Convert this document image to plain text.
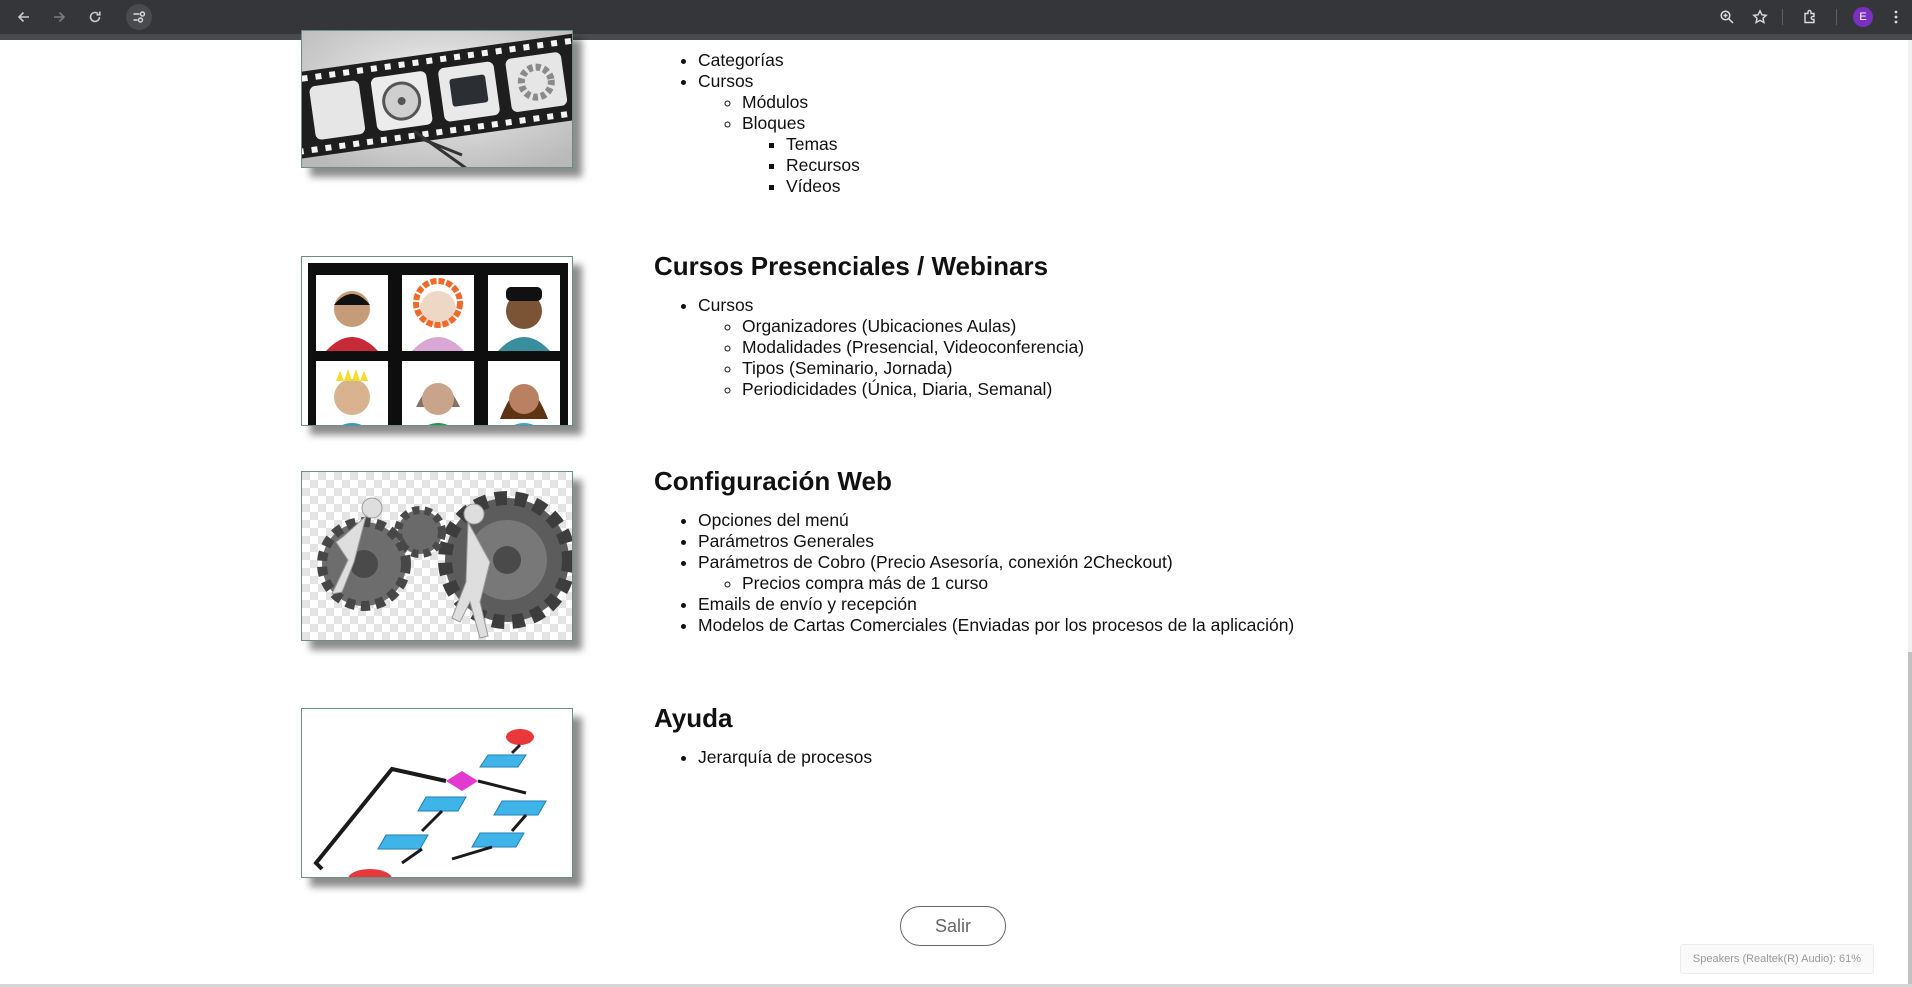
E
• Categorías
• Cursos
◦ Módulos
◦ Bloques
▪ Temas
▪ Recursos
▪ Vídeos
Cursos Presenciales / Webinars
• Cursos
◦ Organizadores (Ubicaciones Aulas)
◦ Modalidades (Presencial, Videoconferencia)
◦ Tipos (Seminario, Jornada)
◦ Periodicidades (Única, Diaria, Semanal)
Configuración Web
• Opciones del menú
• Parámetros Generales
• Parámetros de Cobro (Precio Asesoría, conexión 2Checkout)
◦ Precios compra más de 1 curso
• Emails de envío y recepción
• Modelos de Cartas Comerciales (Enviadas por los procesos de la aplicación)
Ayuda
• Jerarquía de procesos
Salir
Speakers (Realtek(R) Audio): 61%
